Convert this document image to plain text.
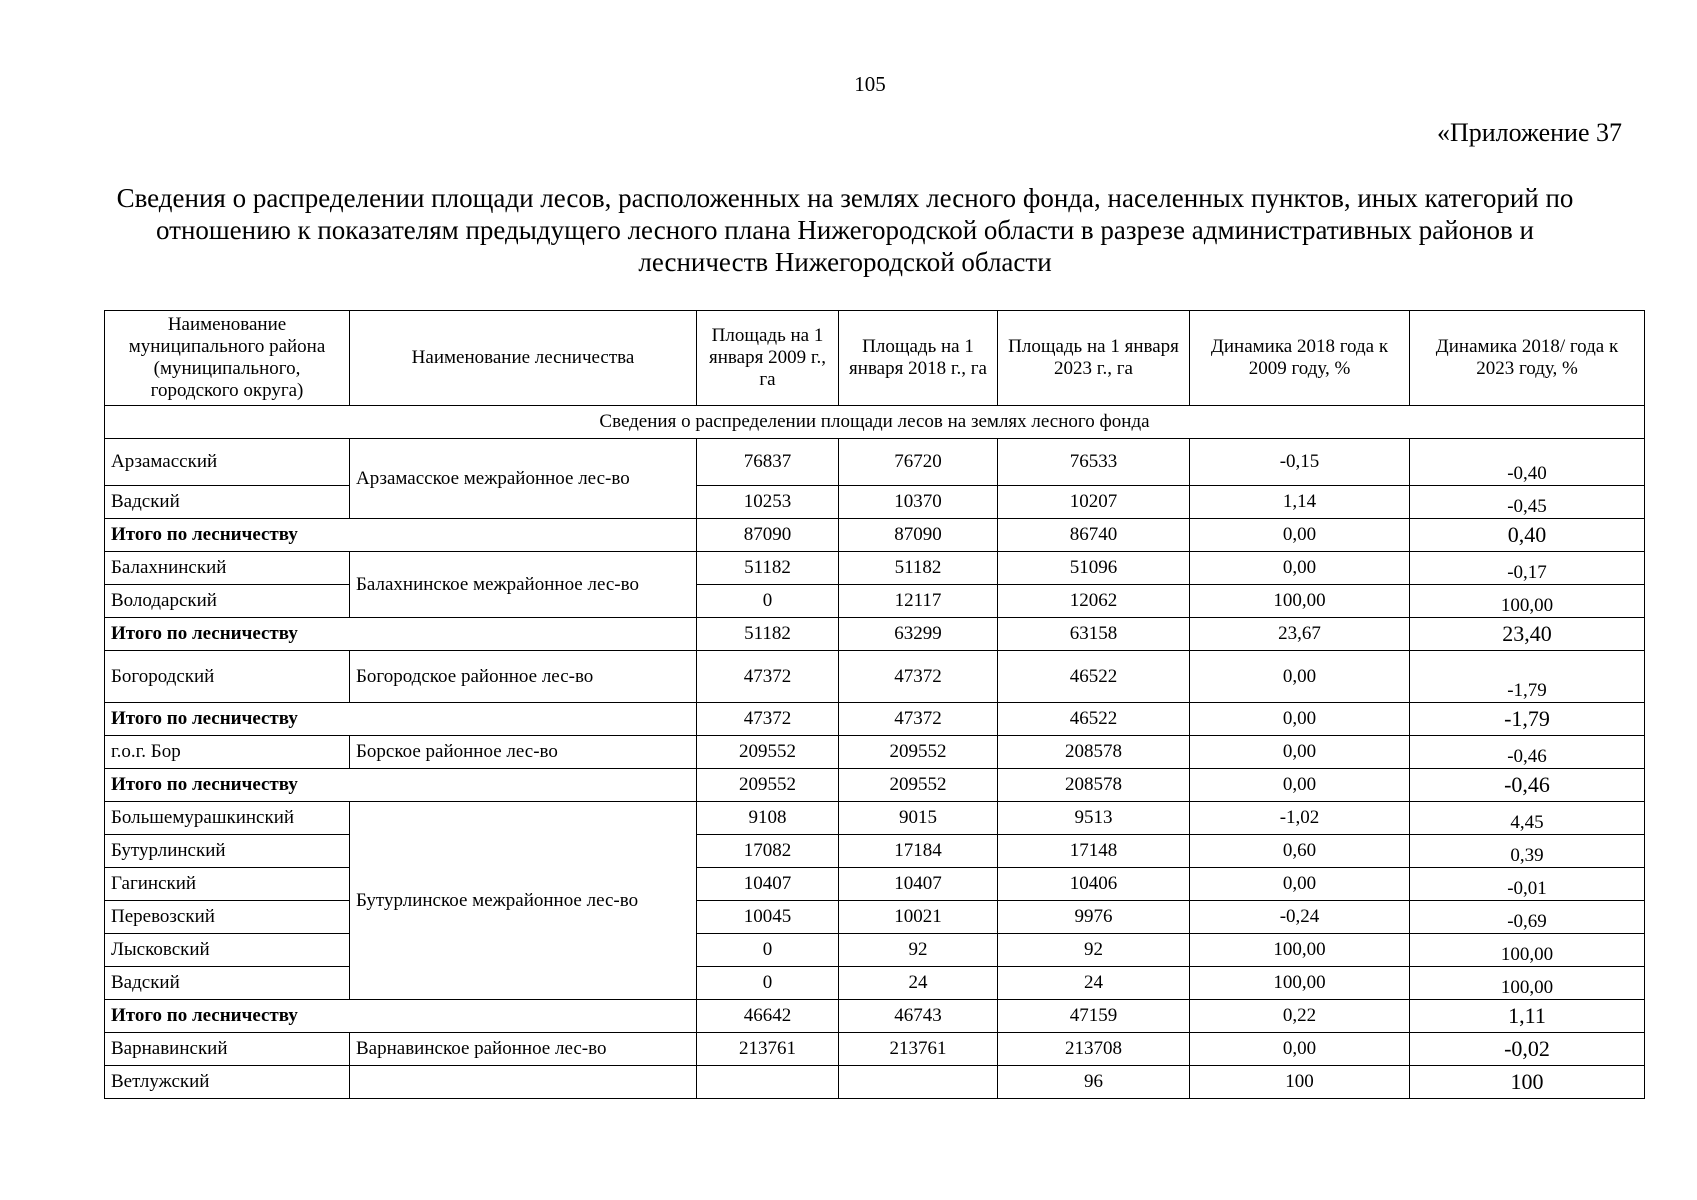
105
«Приложение 37
Сведения о распределении площади лесов, расположенных на землях лесного фонда, населенных пунктов, иных категорий по отношению к показателям предыдущего лесного плана Нижегородской области в разрезе административных районов и лесничеств Нижегородской области
Наименование муниципального района (муниципального, городского округа)	Наименование лесничества	Площадь на 1 января 2009 г., га	Площадь на 1 января 2018 г., га	Площадь на 1 января 2023 г., га	Динамика 2018 года к 2009 году, %	Динамика 2018/ года к 2023 году, %
Сведения о распределении площади лесов на землях лесного фонда						
Арзамасский	Арзамасское межрайонное лес-во	76837	76720	76533	-0,15	-0,40
Вадский		10253	10370	10207	1,14	-0,45
Итого по лесничеству		87090	87090	86740	0,00	0,40
Балахнинский	Балахнинское межрайонное лес-во	51182	51182	51096	0,00	-0,17
Володарский		0	12117	12062	100,00	100,00
Итого по лесничеству		51182	63299	63158	23,67	23,40
Богородский	Богородское районное лес-во	47372	47372	46522	0,00	-1,79
Итого по лесничеству		47372	47372	46522	0,00	-1,79
г.о.г. Бор	Борское районное лес-во	209552	209552	208578	0,00	-0,46
Итого по лесничеству		209552	209552	208578	0,00	-0,46
Большемурашкинский	Бутурлинское межрайонное лес-во	9108	9015	9513	-1,02	4,45
Бутурлинский		17082	17184	17148	0,60	0,39
Гагинский		10407	10407	10406	0,00	-0,01
Перевозский		10045	10021	9976	-0,24	-0,69
Лысковский		0	92	92	100,00	100,00
Вадский		0	24	24	100,00	100,00
Итого по лесничеству		46642	46743	47159	0,22	1,11
Варнавинский	Варнавинское районное лес-во	213761	213761	213708	0,00	-0,02
Ветлужский				96	100	100
